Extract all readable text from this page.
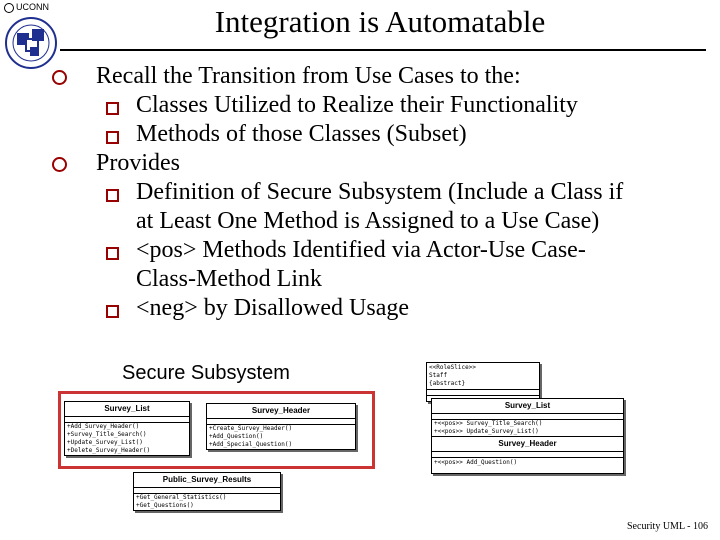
UCONN	Integration is Automatable
Recall the Transition from Use Cases to the:
Classes Utilized to Realize their Functionality
Methods of those Classes (Subset)
Provides
Definition of Secure Subsystem (Include a Class if
at Least One Method is Assigned to a Use Case)
<pos> Methods Identified via Actor-Use Case-
Class-Method Link
<neg> by Disallowed Usage
Secure Subsystem
Survey_List
+Add_Survey_Header()
+Survey_Title_Search()
+Update_Survey_List()
+Delete_Survey_Header()
Survey_Header
+Create_Survey_Header()
+Add_Question()
+Add_Special_Question()
Public_Survey_Results
+Get_General_Statistics()
+Get_Questions()
<<RoleSlice>>
Staff
{abstract}
Survey_List
+<<pos>> Survey_Title_Search()
+<<pos>> Update_Survey_List()
Survey_Header
+<<pos>> Add_Question()
Security UML - 106
